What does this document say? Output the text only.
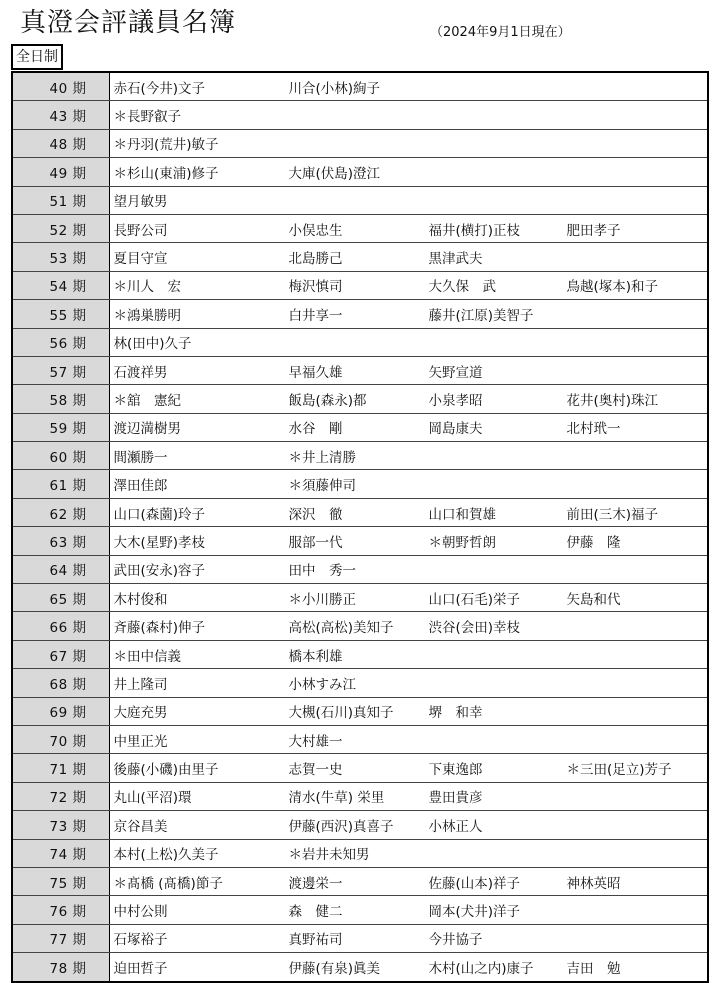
真澄会評議員名簿	（2024年9月1日現在）
全日制
40 期	赤石(今井)文子	川合(小林)絢子		
43 期	＊長野叡子			
48 期	＊丹羽(荒井)敏子			
49 期	＊杉山(東浦)修子	大庫(伏島)澄江		
51 期	望月敏男			
52 期	長野公司	小俣忠生	福井(横打)正枝	肥田孝子
53 期	夏目守宣	北島勝己	黒津武夫	
54 期	＊川人　宏	梅沢慎司	大久保　武	鳥越(塚本)和子
55 期	＊鴻巣勝明	白井享一	藤井(江原)美智子	
56 期	林(田中)久子			
57 期	石渡祥男	早福久雄	矢野宣道	
58 期	＊舘　憲紀	飯島(森永)都	小泉孝昭	花井(奥村)珠江
59 期	渡辺満樹男	水谷　剛	岡島康夫	北村玳一
60 期	間瀬勝一	＊井上清勝		
61 期	澤田佳郎	＊須藤伸司		
62 期	山口(森薗)玲子	深沢　徹	山口和賀雄	前田(三木)福子
63 期	大木(星野)孝枝	服部一代	＊朝野哲朗	伊藤　隆
64 期	武田(安永)容子	田中　秀一		
65 期	木村俊和	＊小川勝正	山口(石毛)栄子	矢島和代
66 期	斉藤(森村)伸子	高松(高松)美知子	渋谷(会田)幸枝	
67 期	＊田中信義	橋本利雄		
68 期	井上隆司	小林すみ江		
69 期	大庭充男	大槻(石川)真知子	堺　和幸	
70 期	中里正光	大村雄一		
71 期	後藤(小磯)由里子	志賀一史	下東逸郎	＊三田(足立)芳子
72 期	丸山(平沼)環	清水(牛草) 栄里	豊田貴彦	
73 期	京谷昌美	伊藤(西沢)真喜子	小林正人	
74 期	本村(上松)久美子	＊岩井未知男		
75 期	＊髙橋 (髙橋)節子	渡邊栄一	佐藤(山本)祥子	神林英昭
76 期	中村公則	森　健二	岡本(犬井)洋子	
77 期	石塚裕子	真野祐司	今井協子	
78 期	迫田哲子	伊藤(有泉)眞美	木村(山之内)康子	吉田　勉
